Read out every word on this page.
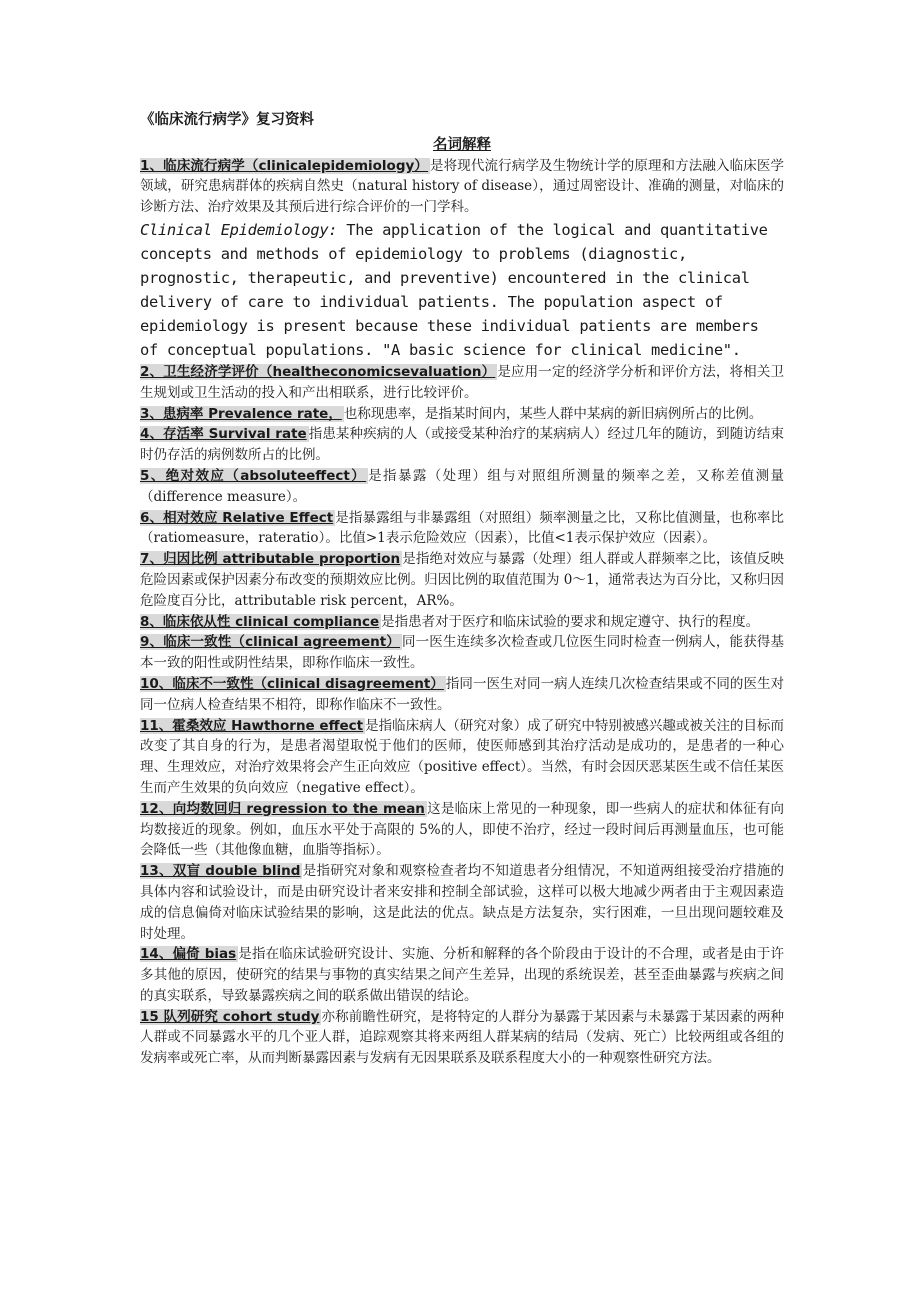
《临床流行病学》复习资料

名词解释

1、临床流行病学（clinicalepidemiology） 是将现代流行病学及生物统计学的原理和方法融入临床医学领域，研究患病群体的疾病自然史（natural history of disease），通过周密设计、准确的测量，对临床的诊断方法、治疗效果及其预后进行综合评价的一门学科。

Clinical Epidemiology: The application of the logical and quantitative concepts and methods of epidemiology to problems (diagnostic, prognostic, therapeutic, and preventive) encountered in the clinical delivery of care to individual patients. The population aspect of epidemiology is present because these individual patients are members of conceptual populations. "A basic science for clinical medicine".

2、卫生经济学评价（healtheconomicsevaluation） 是应用一定的经济学分析和评价方法，将相关卫生规划或卫生活动的投入和产出相联系，进行比较评价。

3、患病率 Prevalence rate， 也称现患率，是指某时间内，某些人群中某病的新旧病例所占的比例。

4、存活率 Survival rate 指患某种疾病的人（或接受某种治疗的某病病人）经过几年的随访，到随访结束时仍存活的病例数所占的比例。

5、绝对效应（absoluteeffect） 是指暴露（处理）组与对照组所测量的频率之差，又称差值测量（difference measure）。

6、相对效应 Relative Effect 是指暴露组与非暴露组（对照组）频率测量之比，又称比值测量，也称率比（ratiomeasure，rateratio）。比值>1表示危险效应（因素），比值<1表示保护效应（因素）。

7、归因比例 attributable proportion 是指绝对效应与暴露（处理）组人群或人群频率之比，该值反映危险因素或保护因素分布改变的预期效应比例。归因比例的取值范围为 0～1，通常表达为百分比，又称归因危险度百分比，attributable risk percent，AR%。

8、临床依从性 clinical compliance 是指患者对于医疗和临床试验的要求和规定遵守、执行的程度。

9、临床一致性（clinical agreement） 同一医生连续多次检查或几位医生同时检查一例病人，能获得基本一致的阳性或阴性结果，即称作临床一致性。

10、临床不一致性（clinical disagreement） 指同一医生对同一病人连续几次检查结果或不同的医生对同一位病人检查结果不相符，即称作临床不一致性。

11、霍桑效应 Hawthorne effect 是指临床病人（研究对象）成了研究中特别被感兴趣或被关注的目标而改变了其自身的行为，是患者渴望取悦于他们的医师，使医师感到其治疗活动是成功的，是患者的一种心理、生理效应，对治疗效果将会产生正向效应（positive effect）。当然，有时会因厌恶某医生或不信任某医生而产生效果的负向效应（negative effect）。

12、向均数回归 regression to the mean 这是临床上常见的一种现象，即一些病人的症状和体征有向均数接近的现象。例如，血压水平处于高限的 5%的人，即使不治疗，经过一段时间后再测量血压，也可能会降低一些（其他像血糖，血脂等指标）。

13、双盲 double blind 是指研究对象和观察检查者均不知道患者分组情况，不知道两组接受治疗措施的具体内容和试验设计，而是由研究设计者来安排和控制全部试验，这样可以极大地减少两者由于主观因素造成的信息偏倚对临床试验结果的影响，这是此法的优点。缺点是方法复杂，实行困难，一旦出现问题较难及时处理。

14、偏倚 bias 是指在临床试验研究设计、实施、分析和解释的各个阶段由于设计的不合理，或者是由于许多其他的原因，使研究的结果与事物的真实结果之间产生差异，出现的系统误差，甚至歪曲暴露与疾病之间的真实联系，导致暴露疾病之间的联系做出错误的结论。

15 队列研究 cohort study 亦称前瞻性研究，是将特定的人群分为暴露于某因素与未暴露于某因素的两种人群或不同暴露水平的几个亚人群，追踪观察其将来两组人群某病的结局（发病、死亡）比较两组或各组的发病率或死亡率，从而判断暴露因素与发病有无因果联系及联系程度大小的一种观察性研究方法。
